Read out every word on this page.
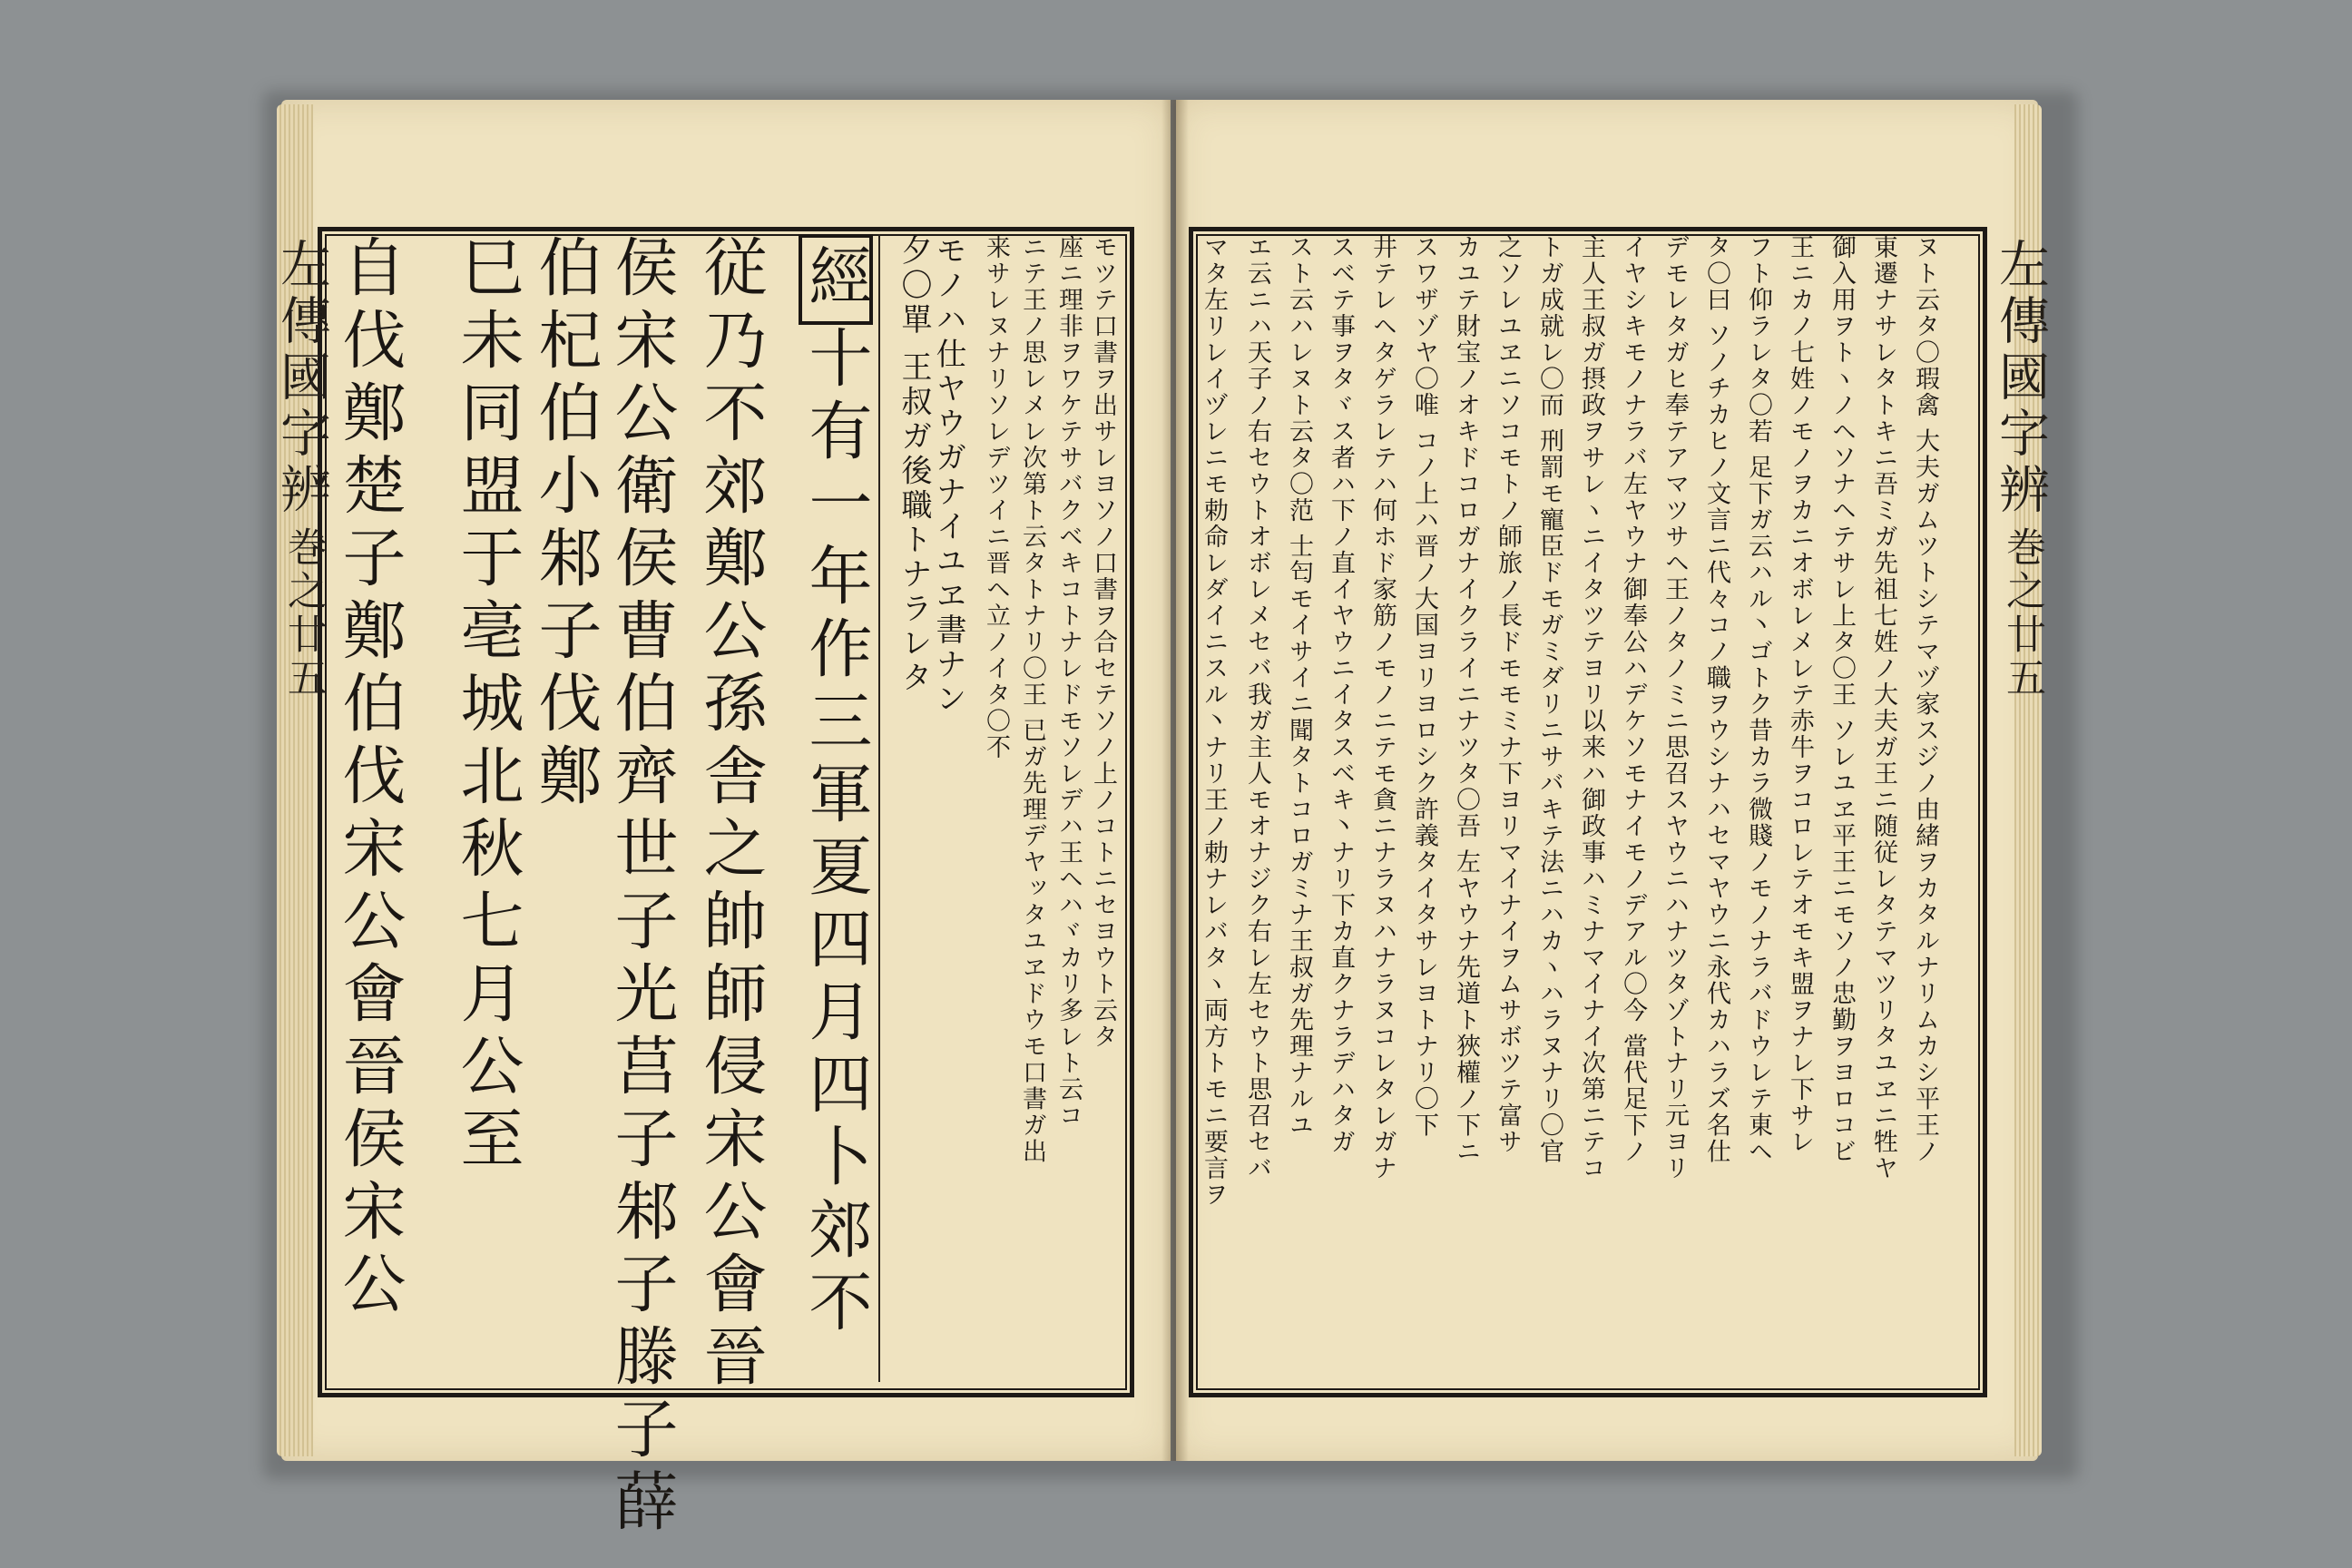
左傳國字辨
巻之廿五 自伐鄭楚子鄭伯伐宋公會晉侯宋公 巳未同盟于亳城北秋七月公至 伯杞伯小邾子伐鄭 侯宋公衛侯曹伯齊世子光莒子邾子滕子薛 従乃不郊鄭公孫舎之帥師侵宋公會晉 經十有一年作三軍夏四月四卜郊不 夕〇單 王叔ガ後職トナラレタ
モノハ仕ヤウガナイユヱ書ナン 来サレヌナリソレデツイニ晋ヘ立ノイタ〇不 ニテ王ノ思レメレ次第ト云タトナリ〇王 已ガ先理デヤッタユヱドウモ口書ガ出 座ニ理非ヲワケテサバクベキコトナレドモソレデハ王ヘハヾカリ多レト云コ モツテ口書ヲ出サレヨソノ口書ヲ合セテソノ上ノコトニセヨウト云タ	マタ左リレイヅレニモ勅命レダイニスル丶ナリ王ノ勅ナレバタヽ両方トモニ要言ヲ エ云ニハ天子ノ右セウトオボレメセバ我ガ主人モオナジク右レ左セウト思召セバ スト云ハレヌト云タ〇范 士匄モイサイニ聞タトコロガミナ王叔ガ先理ナルユ スベテ事ヲタヾス者ハ下ノ直イヤウニイタスベキ丶ナリ下カ直クナラデハタガ 井テレヘタゲラレテハ何ホド家筋ノモノニテモ貪ニナラヌハナラヌコレタレガナ スワザゾヤ〇唯 コノ上ハ晋ノ大国ヨリヨロシク許義タイタサレヨトナリ〇下 カユテ財宝ノオキドコロガナイクライニナツタ〇吾 左ヤウナ先道ト狹權ノ下ニ 之ソレユヱニソコモトノ師旅ノ長ドモモミナ下ヨリマイナイヲムサボツテ富サ トガ成就レ〇而 刑罰モ寵臣ドモガミダリニサバキテ法ニハカヽハラヌナリ〇官 主人王叔ガ摂政ヲサレヽニイタツテヨリ以来ハ御政事ハミナマイナイ次第ニテコ イヤシキモノナラバ左ヤウナ御奉公ハデケソモナイモノデアル〇今 當代足下ノ デモレタガヒ奉テアマツサヘ王ノタノミニ思召スヤウニハナツタゾトナリ元ヨリ タ〇曰 ソノチカヒノ文言ニ代々コノ職ヲウシナハセマヤウニ永代カハラズ名仕 フト仰ラレタ〇若 足下ガ云ハル丶ゴトク昔カラ微賤ノモノナラバドウレテ東ヘ 王ニカノ七姓ノモノヲカニオボレメレテ赤牛ヲコロレテオモキ盟ヲナレ下サレ 御入用ヲトヽノヘソナヘテサレ上タ〇王 ソレユヱ平王ニモソノ忠勤ヲヨロコビ 東遷ナサレタトキニ吾ミガ先祖七姓ノ大夫ガ王ニ随従レタテマツリタユヱニ牲ヤ ヌト云タ〇瑕禽 大夫ガムツトシテマヅ家スジノ由緒ヲカタルナリムカシ平王ノ 左傳國字辨
巻之廿五
